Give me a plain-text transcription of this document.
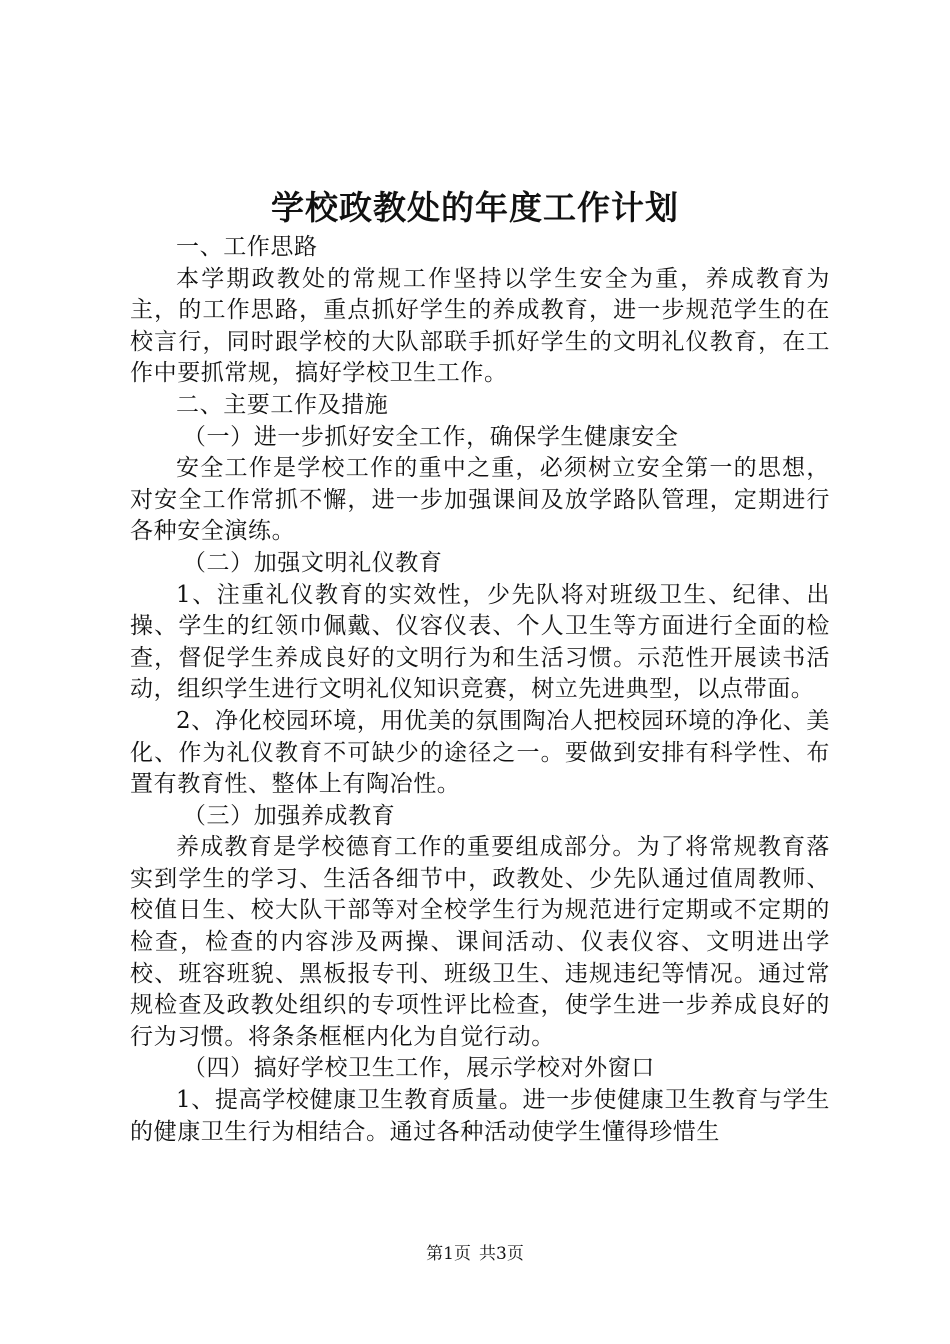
学校政教处的年度工作计划

一、工作思路

本学期政教处的常规工作坚持以学生安全为重，养成教育为主，的工作思路，重点抓好学生的养成教育，进一步规范学生的在校言行，同时跟学校的大队部联手抓好学生的文明礼仪教育，在工作中要抓常规，搞好学校卫生工作。

二、主要工作及措施

（一）进一步抓好安全工作，确保学生健康安全

安全工作是学校工作的重中之重，必须树立安全第一的思想，对安全工作常抓不懈，进一步加强课间及放学路队管理，定期进行各种安全演练。

（二）加强文明礼仪教育

1、注重礼仪教育的实效性，少先队将对班级卫生、纪律、出操、学生的红领巾佩戴、仪容仪表、个人卫生等方面进行全面的检查，督促学生养成良好的文明行为和生活习惯。示范性开展读书活动，组织学生进行文明礼仪知识竞赛，树立先进典型，以点带面。

2、净化校园环境，用优美的氛围陶冶人把校园环境的净化、美化、作为礼仪教育不可缺少的途径之一。要做到安排有科学性、布置有教育性、整体上有陶冶性。

（三）加强养成教育

养成教育是学校德育工作的重要组成部分。为了将常规教育落实到学生的学习、生活各细节中，政教处、少先队通过值周教师、校值日生、校大队干部等对全校学生行为规范进行定期或不定期的检查，检查的内容涉及两操、课间活动、仪表仪容、文明进出学校、班容班貌、黑板报专刊、班级卫生、违规违纪等情况。通过常规检查及政教处组织的专项性评比检查，使学生进一步养成良好的行为习惯。将条条框框内化为自觉行动。

（四）搞好学校卫生工作，展示学校对外窗口

1、提高学校健康卫生教育质量。进一步使健康卫生教育与学生的健康卫生行为相结合。通过各种活动使学生懂得珍惜生

第1页 共3页
